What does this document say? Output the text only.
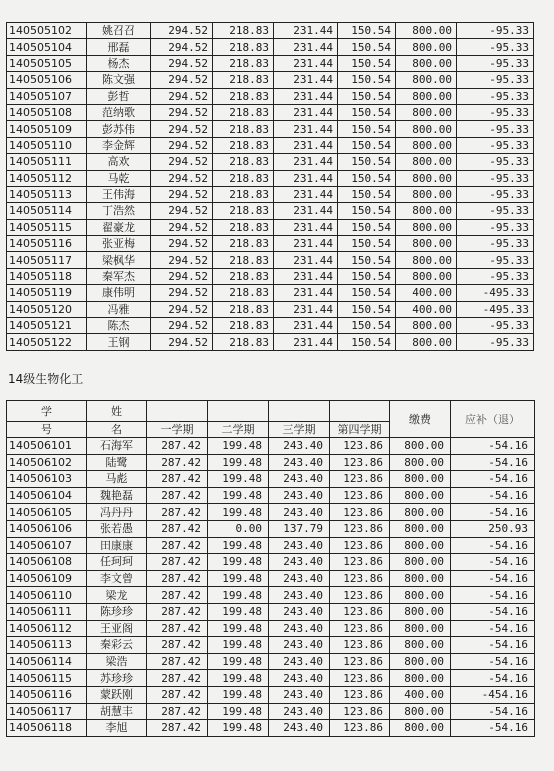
140505102	姚召召	294.52	218.83	231.44	150.54	800.00	-95.33
140505104	邢磊	294.52	218.83	231.44	150.54	800.00	-95.33
140505105	杨杰	294.52	218.83	231.44	150.54	800.00	-95.33
140505106	陈文强	294.52	218.83	231.44	150.54	800.00	-95.33
140505107	彭哲	294.52	218.83	231.44	150.54	800.00	-95.33
140505108	范纳歌	294.52	218.83	231.44	150.54	800.00	-95.33
140505109	彭苏伟	294.52	218.83	231.44	150.54	800.00	-95.33
140505110	李金辉	294.52	218.83	231.44	150.54	800.00	-95.33
140505111	高欢	294.52	218.83	231.44	150.54	800.00	-95.33
140505112	马乾	294.52	218.83	231.44	150.54	800.00	-95.33
140505113	王伟海	294.52	218.83	231.44	150.54	800.00	-95.33
140505114	丁浩然	294.52	218.83	231.44	150.54	800.00	-95.33
140505115	翟豪龙	294.52	218.83	231.44	150.54	800.00	-95.33
140505116	张亚梅	294.52	218.83	231.44	150.54	800.00	-95.33
140505117	梁枫华	294.52	218.83	231.44	150.54	800.00	-95.33
140505118	秦军杰	294.52	218.83	231.44	150.54	800.00	-95.33
140505119	康伟明	294.52	218.83	231.44	150.54	400.00	-495.33
140505120	冯雅	294.52	218.83	231.44	150.54	400.00	-495.33
140505121	陈杰	294.52	218.83	231.44	150.54	800.00	-95.33
140505122	王钢	294.52	218.83	231.44	150.54	800.00	-95.33
14级生物化工
学	姓					缴费	应补（退）
号	名	一学期	二学期	三学期	第四学期		
140506101	石海军	287.42	199.48	243.40	123.86	800.00	-54.16
140506102	陆鹭	287.42	199.48	243.40	123.86	800.00	-54.16
140506103	马彪	287.42	199.48	243.40	123.86	800.00	-54.16
140506104	魏艳磊	287.42	199.48	243.40	123.86	800.00	-54.16
140506105	冯丹丹	287.42	199.48	243.40	123.86	800.00	-54.16
140506106	张若愚	287.42	0.00	137.79	123.86	800.00	250.93
140506107	田康康	287.42	199.48	243.40	123.86	800.00	-54.16
140506108	任珂珂	287.42	199.48	243.40	123.86	800.00	-54.16
140506109	李文曾	287.42	199.48	243.40	123.86	800.00	-54.16
140506110	梁龙	287.42	199.48	243.40	123.86	800.00	-54.16
140506111	陈珍珍	287.42	199.48	243.40	123.86	800.00	-54.16
140506112	王亚阁	287.42	199.48	243.40	123.86	800.00	-54.16
140506113	秦彩云	287.42	199.48	243.40	123.86	800.00	-54.16
140506114	梁浩	287.42	199.48	243.40	123.86	800.00	-54.16
140506115	苏珍珍	287.42	199.48	243.40	123.86	800.00	-54.16
140506116	蒙跃刚	287.42	199.48	243.40	123.86	400.00	-454.16
140506117	胡慧丰	287.42	199.48	243.40	123.86	800.00	-54.16
140506118	李旭	287.42	199.48	243.40	123.86	800.00	-54.16
